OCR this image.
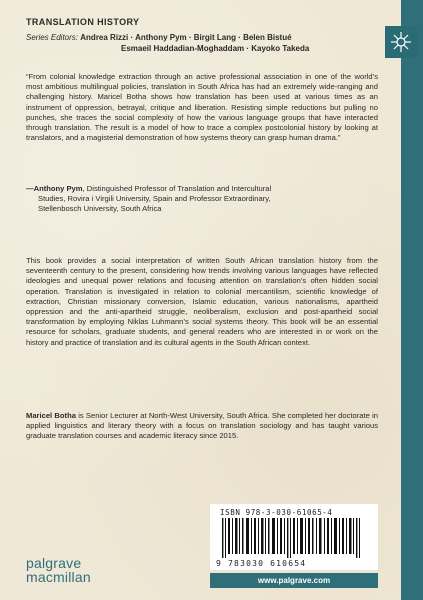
TRANSLATION HISTORY
Series Editors: Andrea Rizzi · Anthony Pym · Birgit Lang · Belen Bistué
Esmaeil Haddadian-Moghaddam · Kayoko Takeda
“From colonial knowledge extraction through an active professional association in one of the world’s most ambitious multilingual policies, translation in South Africa has had an extremely wide-ranging and challenging history. Maricel Botha shows how translation has been used at various times as an instrument of oppression, betrayal, critique and liberation. Resisting simple reductions but pulling no punches, she traces the social complexity of how the various language groups that have interacted through translation. The result is a model of how to trace a complex postcolonial history by looking at translators, and a magisterial demonstration of how systems theory can grasp human drama.”
—Anthony Pym, Distinguished Professor of Translation and Intercultural
Studies, Rovira i Virgili University, Spain and Professor Extraordinary,
Stellenbosch University, South Africa
This book provides a social interpretation of written South African translation history from the seventeenth century to the present, considering how trends involving various languages have reflected ideologies and unequal power relations and focusing attention on translation’s often hidden social operation. Translation is investigated in relation to colonial mercantilism, scientific knowledge of extraction, Christian missionary conversion, Islamic education, various nationalisms, apartheid oppression and the anti-apartheid struggle, neoliberalism, exclusion and post-apartheid social transformation by employing Niklas Luhmann’s social systems theory. This book will be an essential resource for scholars, graduate students, and general readers who are interested in or work on the history and practice of translation and its cultural agents in the South African context.
Maricel Botha is Senior Lecturer at North-West University, South Africa. She completed her doctorate in applied linguistics and literary theory with a focus on translation sociology and has taught various graduate translation courses and academic literacy since 2015.
ISBN 978-3-030-61065-4
9 783030 610654
www.palgrave.com
palgrave
macmillan
